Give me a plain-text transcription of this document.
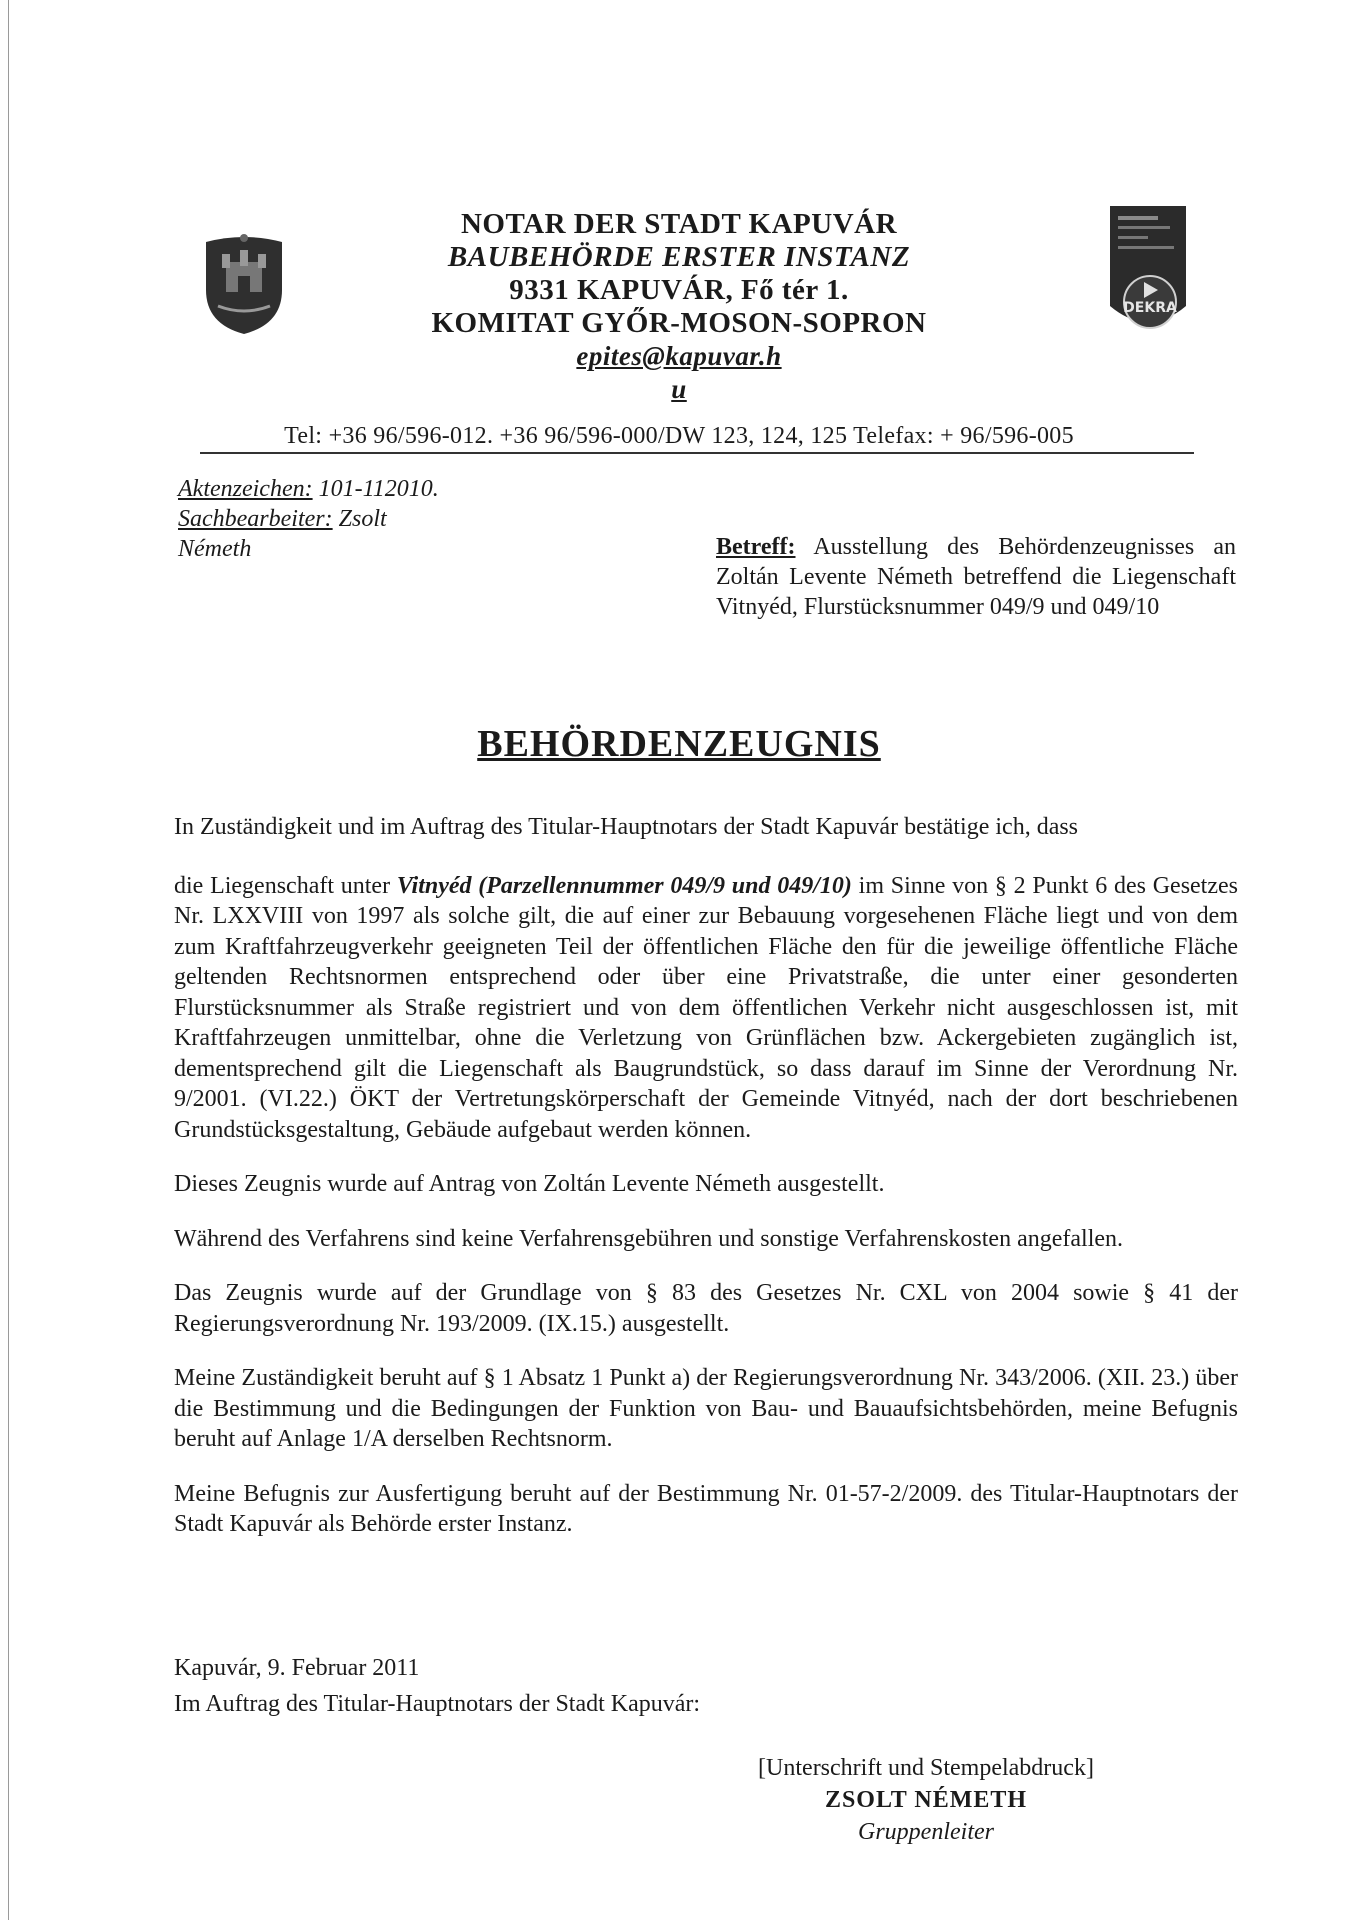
DEKRA
NOTAR DER STADT KAPUVÁR
BAUBEHÖRDE ERSTER INSTANZ
9331 KAPUVÁR, Fő tér 1.
KOMITAT GYŐR-MOSON-SOPRON
epites@kapuvar.h
u
Tel: +36 96/596-012. +36 96/596-000/DW 123, 124, 125 Telefax: + 96/596-005
Aktenzeichen: 101-112010.
Sachbearbeiter: Zsolt
Németh	Betreff: Ausstellung des Behördenzeugnisses an Zoltán Levente Németh betreffend die Liegenschaft Vitnyéd, Flurstücksnummer 049/9 und 049/10
BEHÖRDENZEUGNIS

In Zuständigkeit und im Auftrag des Titular-Hauptnotars der Stadt Kapuvár bestätige ich, dass

die Liegenschaft unter Vitnyéd (Parzellennummer 049/9 und 049/10) im Sinne von § 2 Punkt 6 des Gesetzes Nr. LXXVIII von 1997 als solche gilt, die auf einer zur Bebauung vorgesehenen Fläche liegt und von dem zum Kraftfahrzeugverkehr geeigneten Teil der öffentlichen Fläche den für die jeweilige öffentliche Fläche geltenden Rechtsnormen entsprechend oder über eine Privatstraße, die unter einer gesonderten Flurstücksnummer als Straße registriert und von dem öffentlichen Verkehr nicht ausgeschlossen ist, mit Kraftfahrzeugen unmittelbar, ohne die Verletzung von Grünflächen bzw. Ackergebieten zugänglich ist, dementsprechend gilt die Liegenschaft als Baugrundstück, so dass darauf im Sinne der Verordnung Nr. 9/2001. (VI.22.) ÖKT der Vertretungskörperschaft der Gemeinde Vitnyéd, nach der dort beschriebenen Grundstücksgestaltung, Gebäude aufgebaut werden können.

Dieses Zeugnis wurde auf Antrag von Zoltán Levente Németh ausgestellt.

Während des Verfahrens sind keine Verfahrensgebühren und sonstige Verfahrenskosten angefallen.

Das Zeugnis wurde auf der Grundlage von § 83 des Gesetzes Nr. CXL von 2004 sowie § 41 der Regierungsverordnung Nr. 193/2009. (IX.15.) ausgestellt.

Meine Zuständigkeit beruht auf § 1 Absatz 1 Punkt a) der Regierungsverordnung Nr. 343/2006. (XII. 23.) über die Bestimmung und die Bedingungen der Funktion von Bau- und Bauaufsichtsbehörden, meine Befugnis beruht auf Anlage 1/A derselben Rechtsnorm.

Meine Befugnis zur Ausfertigung beruht auf der Bestimmung Nr. 01-57-2/2009. des Titular-Hauptnotars der Stadt Kapuvár als Behörde erster Instanz.

Kapuvár, 9. Februar 2011
Im Auftrag des Titular-Hauptnotars der Stadt Kapuvár:
[Unterschrift und Stempelabdruck]
ZSOLT NÉMETH
Gruppenleiter
